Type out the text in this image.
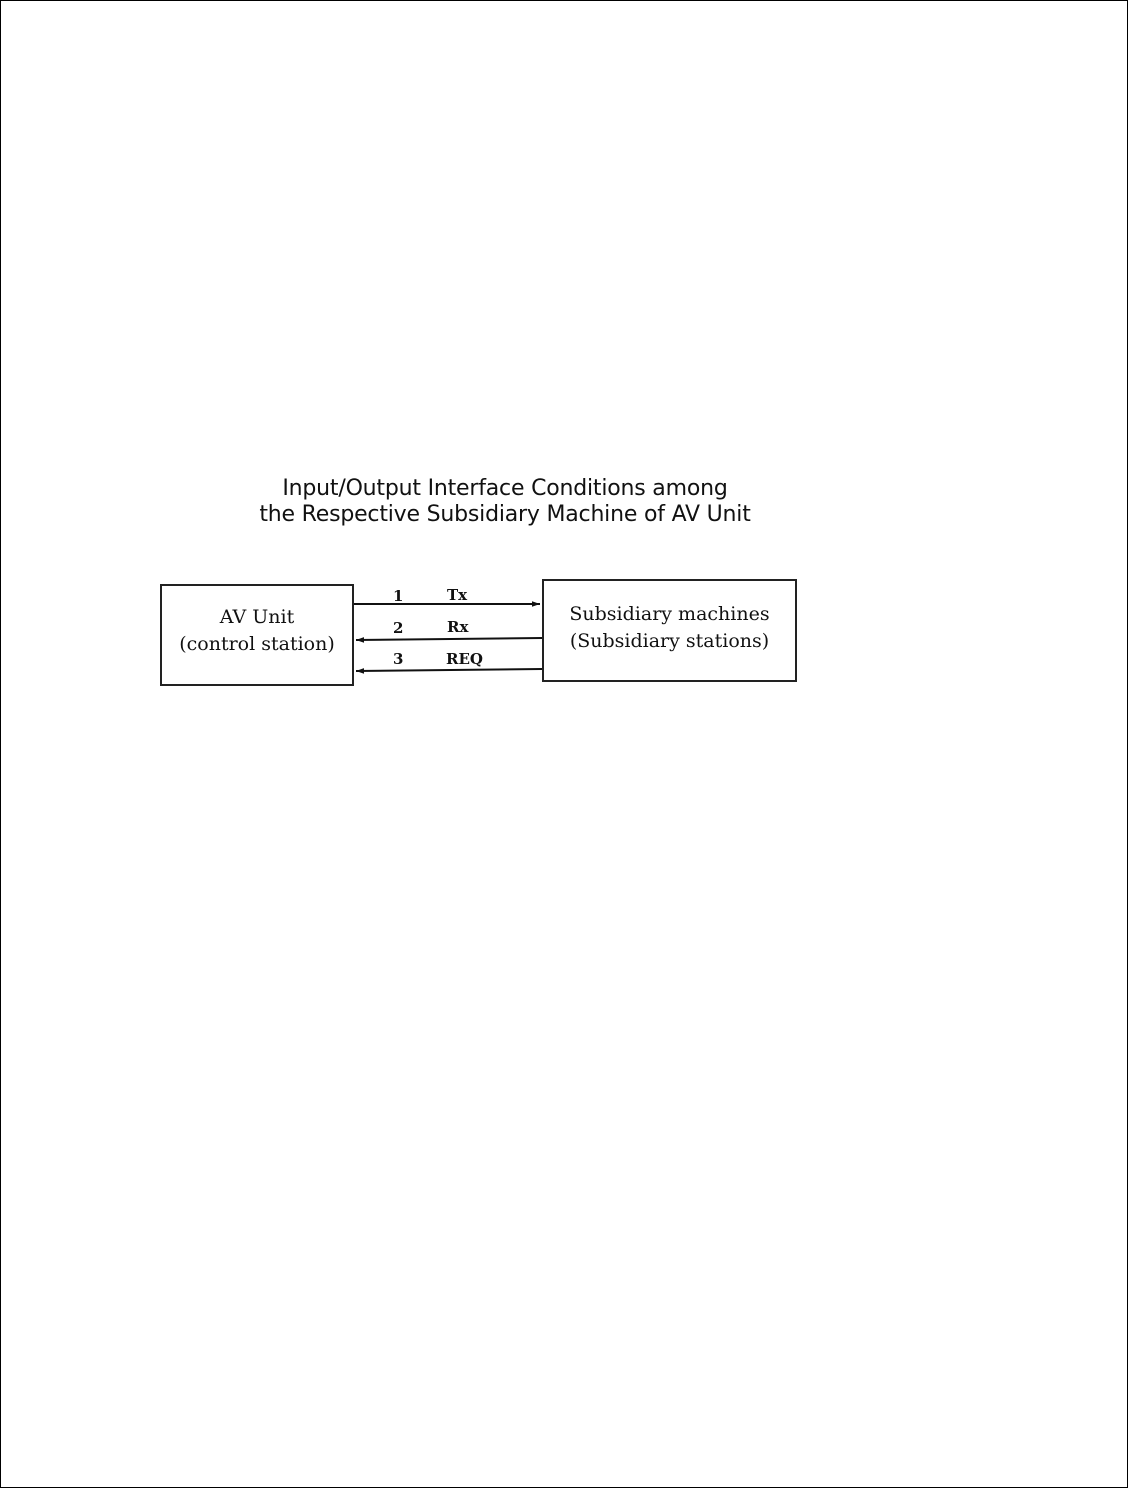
Input/Output Interface Conditions among
the Respective Subsidiary Machine of AV Unit
AV Unit
(control station)
Subsidiary machines
(Subsidiary stations)
1	Tx
2	Rx
3	REQ
